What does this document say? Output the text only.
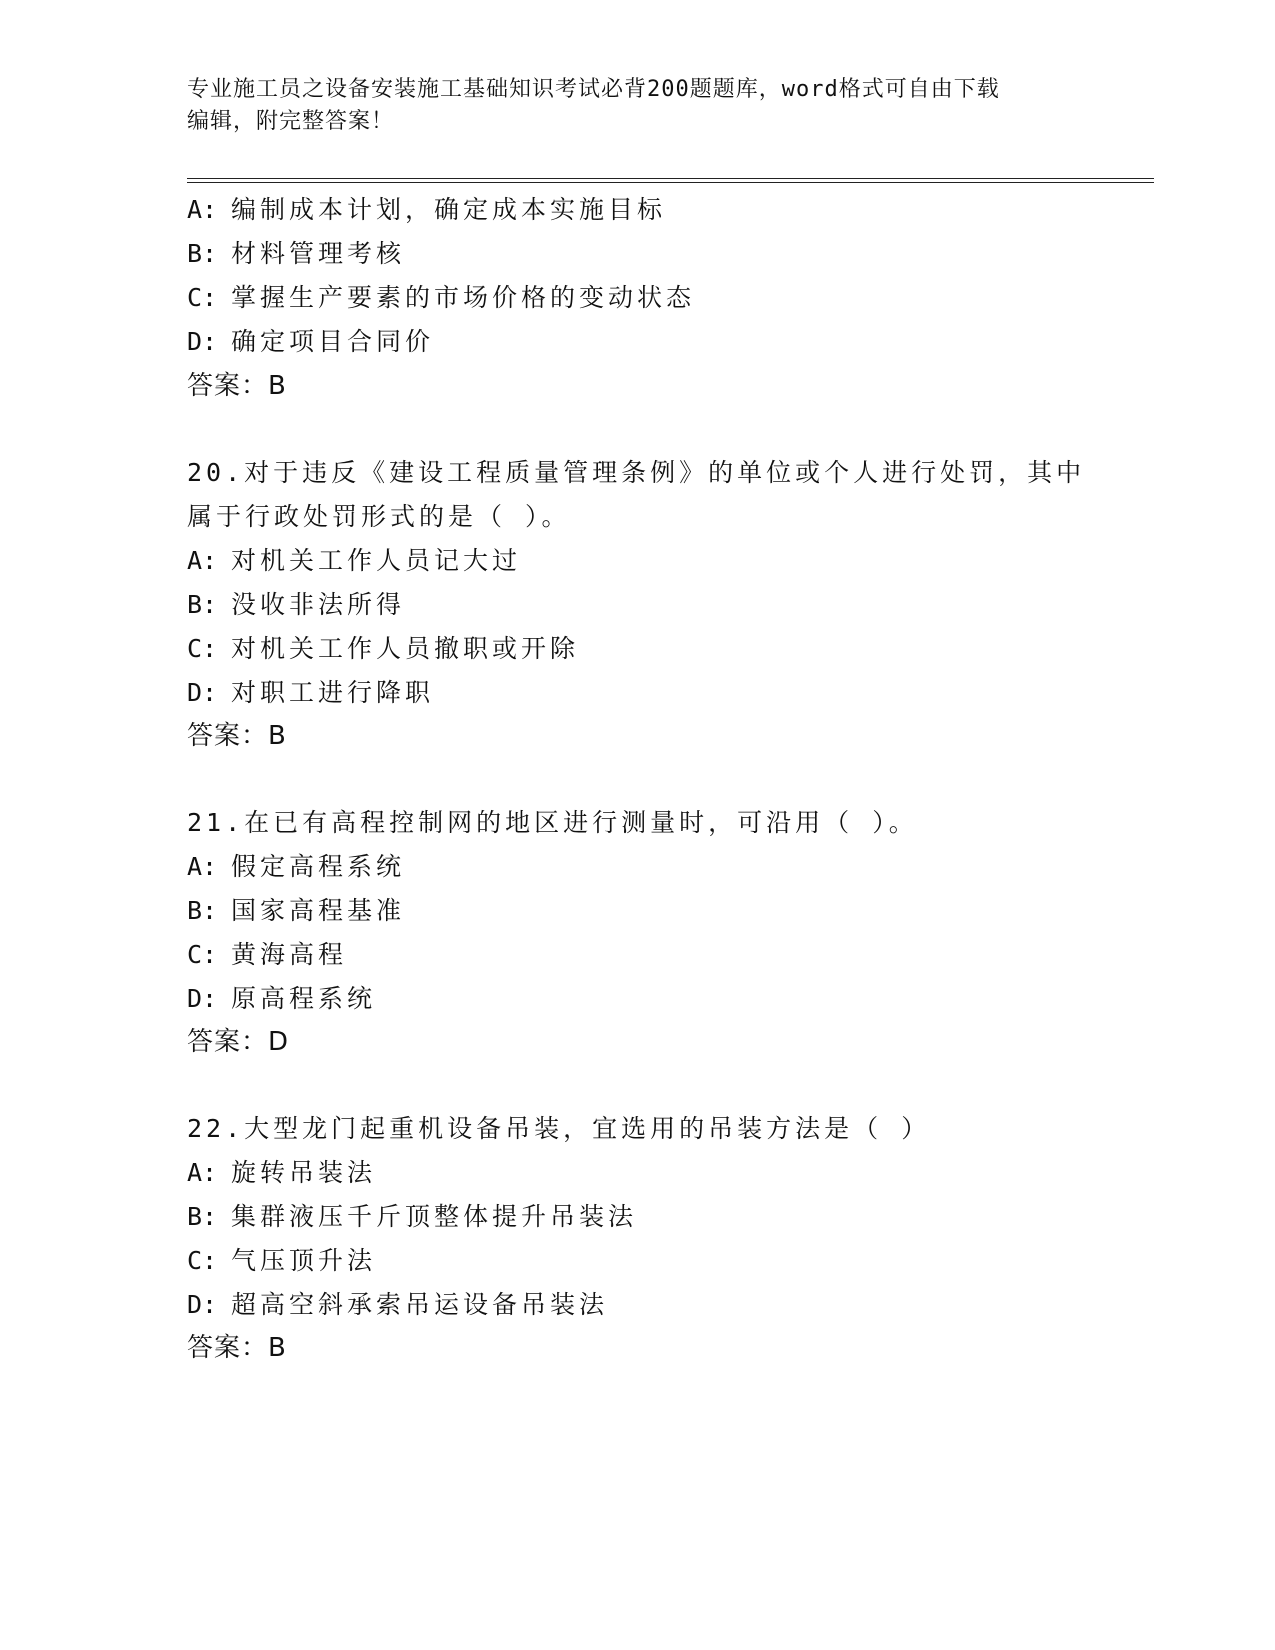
专业施工员之设备安装施工基础知识考试必背200题题库，word格式可自由下载
编辑，附完整答案！
A: 编制成本计划，确定成本实施目标
B: 材料管理考核
C: 掌握生产要素的市场价格的变动状态
D: 确定项目合同价
答案：B
20.对于违反《建设工程质量管理条例》的单位或个人进行处罚，其中
属于行政处罚形式的是（ ）。
A: 对机关工作人员记大过
B: 没收非法所得
C: 对机关工作人员撤职或开除
D: 对职工进行降职
答案：B
21.在已有高程控制网的地区进行测量时，可沿用（ ）。
A: 假定高程系统
B: 国家高程基准
C: 黄海高程
D: 原高程系统
答案：D
22.大型龙门起重机设备吊装，宜选用的吊装方法是（ ）
A: 旋转吊装法
B: 集群液压千斤顶整体提升吊装法
C: 气压顶升法
D: 超高空斜承索吊运设备吊装法
答案：B
